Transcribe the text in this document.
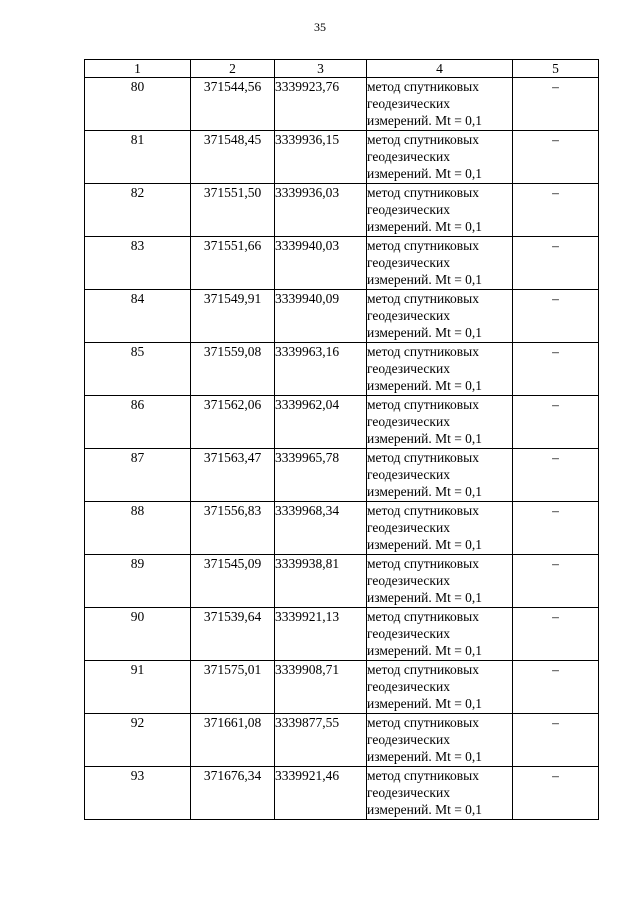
35
1	2	3	4	5
80	371544,56	3339923,76	метод спутниковых
геодезических
измерений. Mt = 0,1	–
81	371548,45	3339936,15	метод спутниковых
геодезических
измерений. Mt = 0,1	–
82	371551,50	3339936,03	метод спутниковых
геодезических
измерений. Mt = 0,1	–
83	371551,66	3339940,03	метод спутниковых
геодезических
измерений. Mt = 0,1	–
84	371549,91	3339940,09	метод спутниковых
геодезических
измерений. Mt = 0,1	–
85	371559,08	3339963,16	метод спутниковых
геодезических
измерений. Mt = 0,1	–
86	371562,06	3339962,04	метод спутниковых
геодезических
измерений. Mt = 0,1	–
87	371563,47	3339965,78	метод спутниковых
геодезических
измерений. Mt = 0,1	–
88	371556,83	3339968,34	метод спутниковых
геодезических
измерений. Mt = 0,1	–
89	371545,09	3339938,81	метод спутниковых
геодезических
измерений. Mt = 0,1	–
90	371539,64	3339921,13	метод спутниковых
геодезических
измерений. Mt = 0,1	–
91	371575,01	3339908,71	метод спутниковых
геодезических
измерений. Mt = 0,1	–
92	371661,08	3339877,55	метод спутниковых
геодезических
измерений. Mt = 0,1	–
93	371676,34	3339921,46	метод спутниковых
геодезических
измерений. Mt = 0,1	–
